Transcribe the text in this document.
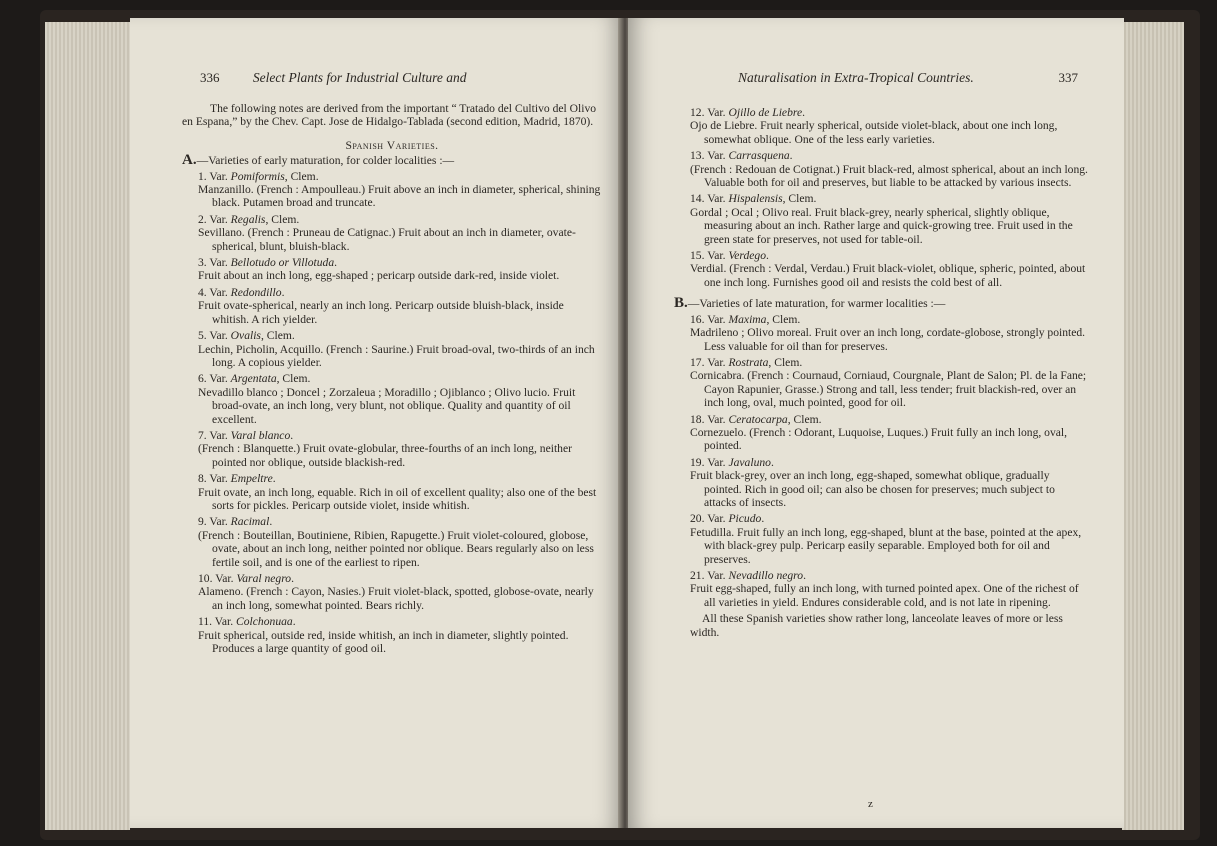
336 Select Plants for Industrial Culture and

The following notes are derived from the important “ Tratado del Cultivo del Olivo en Espana,” by the Chev. Capt. Jose de Hidalgo-Tablada (second edition, Madrid, 1870).

Spanish Varieties.

A.—Varieties of early maturation, for colder localities :—

1. Var. Pomiformis, Clem.

Manzanillo. (French : Ampoulleau.) Fruit above an inch in diameter, spherical, shining black. Putamen broad and truncate.

2. Var. Regalis, Clem.

Sevillano. (French : Pruneau de Catignac.) Fruit about an inch in diameter, ovate-spherical, blunt, bluish-black.

3. Var. Bellotudo or Villotuda.

Fruit about an inch long, egg-shaped ; pericarp outside dark-red, inside violet.

4. Var. Redondillo.

Fruit ovate-spherical, nearly an inch long. Pericarp outside bluish-black, inside whitish. A rich yielder.

5. Var. Ovalis, Clem.

Lechin, Picholin, Acquillo. (French : Saurine.) Fruit broad-oval, two-thirds of an inch long. A copious yielder.

6. Var. Argentata, Clem.

Nevadillo blanco ; Doncel ; Zorzaleua ; Moradillo ; Ojiblanco ; Olivo lucio. Fruit broad-ovate, an inch long, very blunt, not oblique. Quality and quantity of oil excellent.

7. Var. Varal blanco.

(French : Blanquette.) Fruit ovate-globular, three-fourths of an inch long, neither pointed nor oblique, outside blackish-red.

8. Var. Empeltre.

Fruit ovate, an inch long, equable. Rich in oil of excellent quality; also one of the best sorts for pickles. Pericarp outside violet, inside whitish.

9. Var. Racimal.

(French : Bouteillan, Boutiniene, Ribien, Rapugette.) Fruit violet-coloured, globose, ovate, about an inch long, neither pointed nor oblique. Bears regularly also on less fertile soil, and is one of the earliest to ripen.

10. Var. Varal negro.

Alameno. (French : Cayon, Nasies.) Fruit violet-black, spotted, globose-ovate, nearly an inch long, somewhat pointed. Bears richly.

11. Var. Colchonuaa.

Fruit spherical, outside red, inside whitish, an inch in diameter, slightly pointed. Produces a large quantity of good oil.

Naturalisation in Extra-Tropical Countries.	337

12. Var. Ojillo de Liebre.

Ojo de Liebre. Fruit nearly spherical, outside violet-black, about one inch long, somewhat oblique. One of the less early varieties.

13. Var. Carrasquena.

(French : Redouan de Cotignat.) Fruit black-red, almost spherical, about an inch long. Valuable both for oil and preserves, but liable to be attacked by various insects.

14. Var. Hispalensis, Clem.

Gordal ; Ocal ; Olivo real. Fruit black-grey, nearly spherical, slightly oblique, measuring about an inch. Rather large and quick-growing tree. Fruit used in the green state for preserves, not used for table-oil.

15. Var. Verdego.

Verdial. (French : Verdal, Verdau.) Fruit black-violet, oblique, spheric, pointed, about one inch long. Furnishes good oil and resists the cold best of all.

B.—Varieties of late maturation, for warmer localities :—

16. Var. Maxima, Clem.

Madrileno ; Olivo moreal. Fruit over an inch long, cordate-globose, strongly pointed. Less valuable for oil than for preserves.

17. Var. Rostrata, Clem.

Cornicabra. (French : Cournaud, Corniaud, Courgnale, Plant de Salon; Pl. de la Fane; Cayon Rapunier, Grasse.) Strong and tall, less tender; fruit blackish-red, over an inch long, oval, much pointed, good for oil.

18. Var. Ceratocarpa, Clem.

Cornezuelo. (French : Odorant, Luquoise, Luques.) Fruit fully an inch long, oval, pointed.

19. Var. Javaluno.

Fruit black-grey, over an inch long, egg-shaped, somewhat oblique, gradually pointed. Rich in good oil; can also be chosen for preserves; much subject to attacks of insects.

20. Var. Picudo.

Fetudilla. Fruit fully an inch long, egg-shaped, blunt at the base, pointed at the apex, with black-grey pulp. Pericarp easily separable. Employed both for oil and preserves.

21. Var. Nevadillo negro.

Fruit egg-shaped, fully an inch long, with turned pointed apex. One of the richest of all varieties in yield. Endures considerable cold, and is not late in ripening.

All these Spanish varieties show rather long, lanceolate leaves of more or less width.

z
